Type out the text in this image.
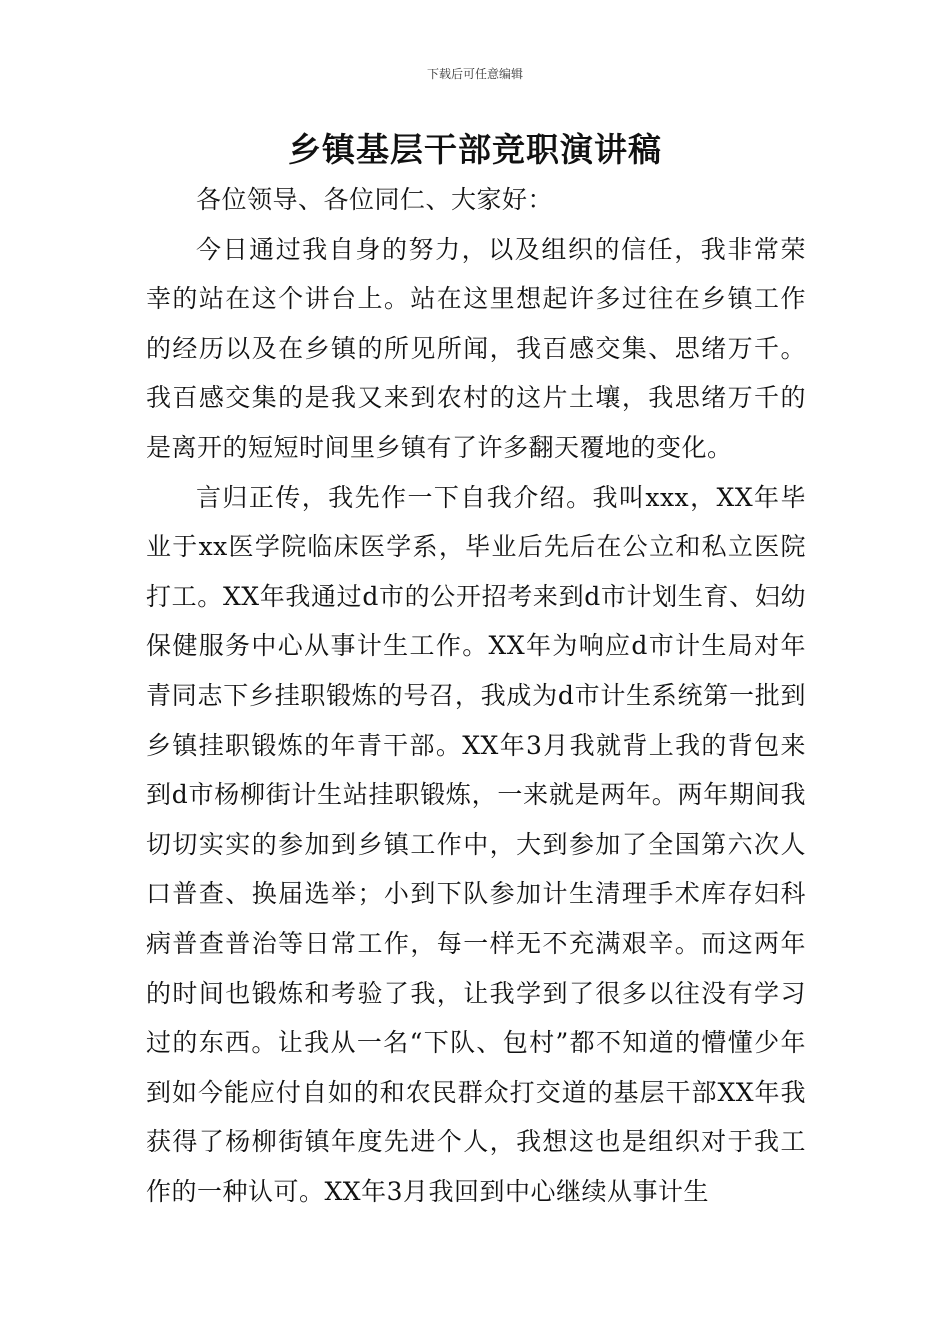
下载后可任意编辑
乡镇基层干部竞职演讲稿

各位领导、各位同仁、大家好：

今日通过我自身的努力，以及组织的信任，我非常荣幸的站在这个讲台上。站在这里想起许多过往在乡镇工作的经历以及在乡镇的所见所闻，我百感交集、思绪万千。我百感交集的是我又来到农村的这片土壤，我思绪万千的是离开的短短时间里乡镇有了许多翻天覆地的变化。

言归正传，我先作一下自我介绍。我叫xxx，XX年毕业于xx医学院临床医学系，毕业后先后在公立和私立医院打工。XX年我通过d市的公开招考来到d市计划生育、妇幼保健服务中心从事计生工作。XX年为响应d市计生局对年青同志下乡挂职锻炼的号召，我成为d市计生系统第一批到乡镇挂职锻炼的年青干部。XX年3月我就背上我的背包来到d市杨柳街计生站挂职锻炼，一来就是两年。两年期间我切切实实的参加到乡镇工作中，大到参加了全国第六次人口普查、换届选举；小到下队参加计生清理手术库存妇科病普查普治等日常工作，每一样无不充满艰辛。而这两年的时间也锻炼和考验了我，让我学到了很多以往没有学习过的东西。让我从一名“下队、包村”都不知道的懵懂少年到如今能应付自如的和农民群众打交道的基层干部XX年我获得了杨柳街镇年度先进个人，我想这也是组织对于我工作的一种认可。XX年3月我回到中心继续从事计生
